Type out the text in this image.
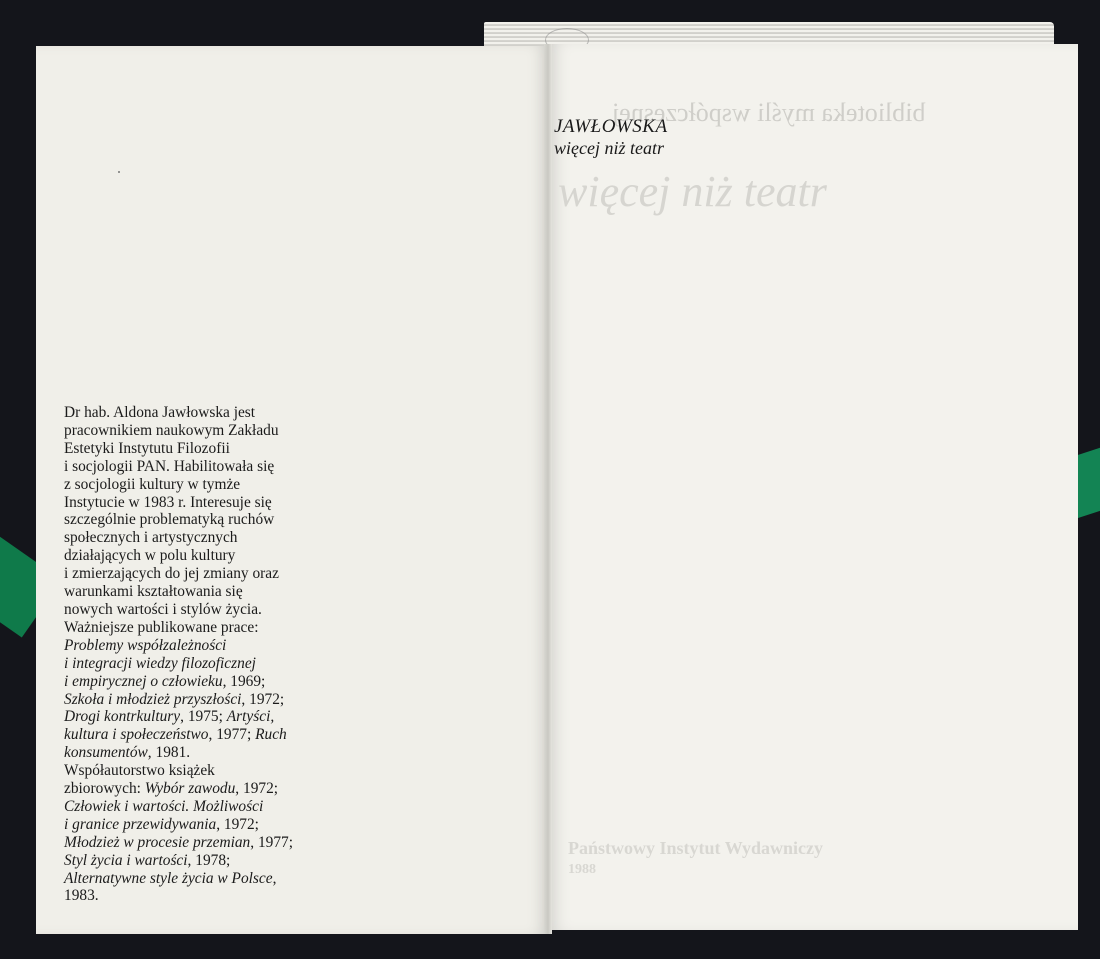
biblioteka myśli współczesnej
więcej niż teatr
Państwowy Instytut Wydawniczy
1988
JAWŁOWSKA
więcej niż teatr
Dr hab. Aldona Jawłowska jest
pracownikiem naukowym Zakładu
Estetyki Instytutu Filozofii
i socjologii PAN. Habilitowała się
z socjologii kultury w tymże
Instytucie w 1983 r. Interesuje się
szczególnie problematyką ruchów
społecznych i artystycznych
działających w polu kultury
i zmierzających do jej zmiany oraz
warunkami kształtowania się
nowych wartości i stylów życia.
Ważniejsze publikowane prace:
Problemy współzależności
i integracji wiedzy filozoficznej
i empirycznej o człowieku, 1969;
Szkoła i młodzież przyszłości, 1972;
Drogi kontrkultury, 1975; Artyści,
kultura i społeczeństwo, 1977; Ruch
konsumentów, 1981.
Współautorstwo książek
zbiorowych: Wybór zawodu, 1972;
Człowiek i wartości. Możliwości
i granice przewidywania, 1972;
Młodzież w procesie przemian, 1977;
Styl życia i wartości, 1978;
Alternatywne style życia w Polsce,
1983.
